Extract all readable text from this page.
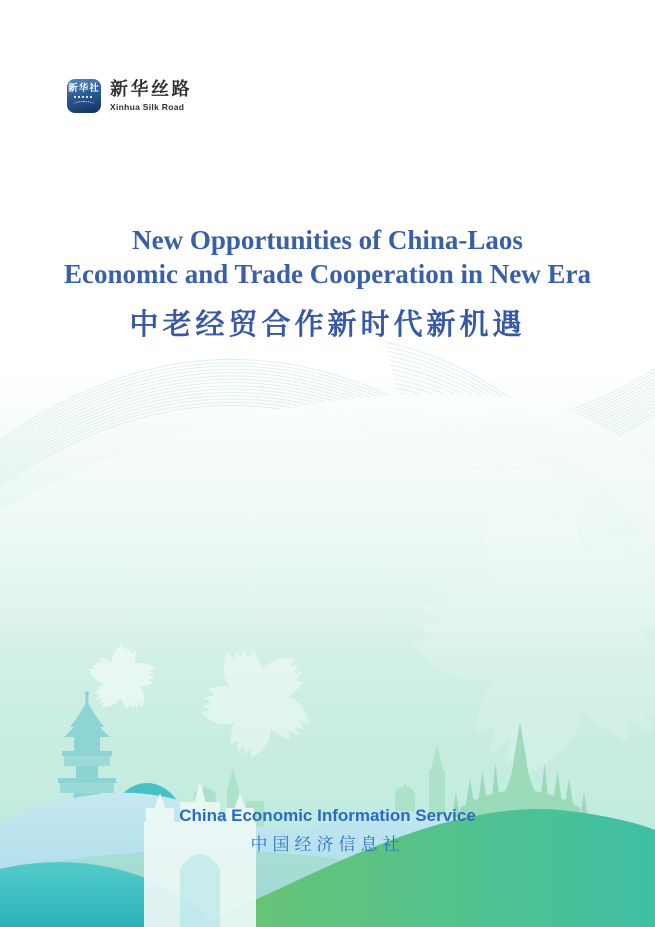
新华社 新华丝路
Xinhua Silk Road
New Opportunities of China-Laos
Economic and Trade Cooperation in New Era
中老经贸合作新时代新机遇
China Economic Information Service
中国经济信息社
